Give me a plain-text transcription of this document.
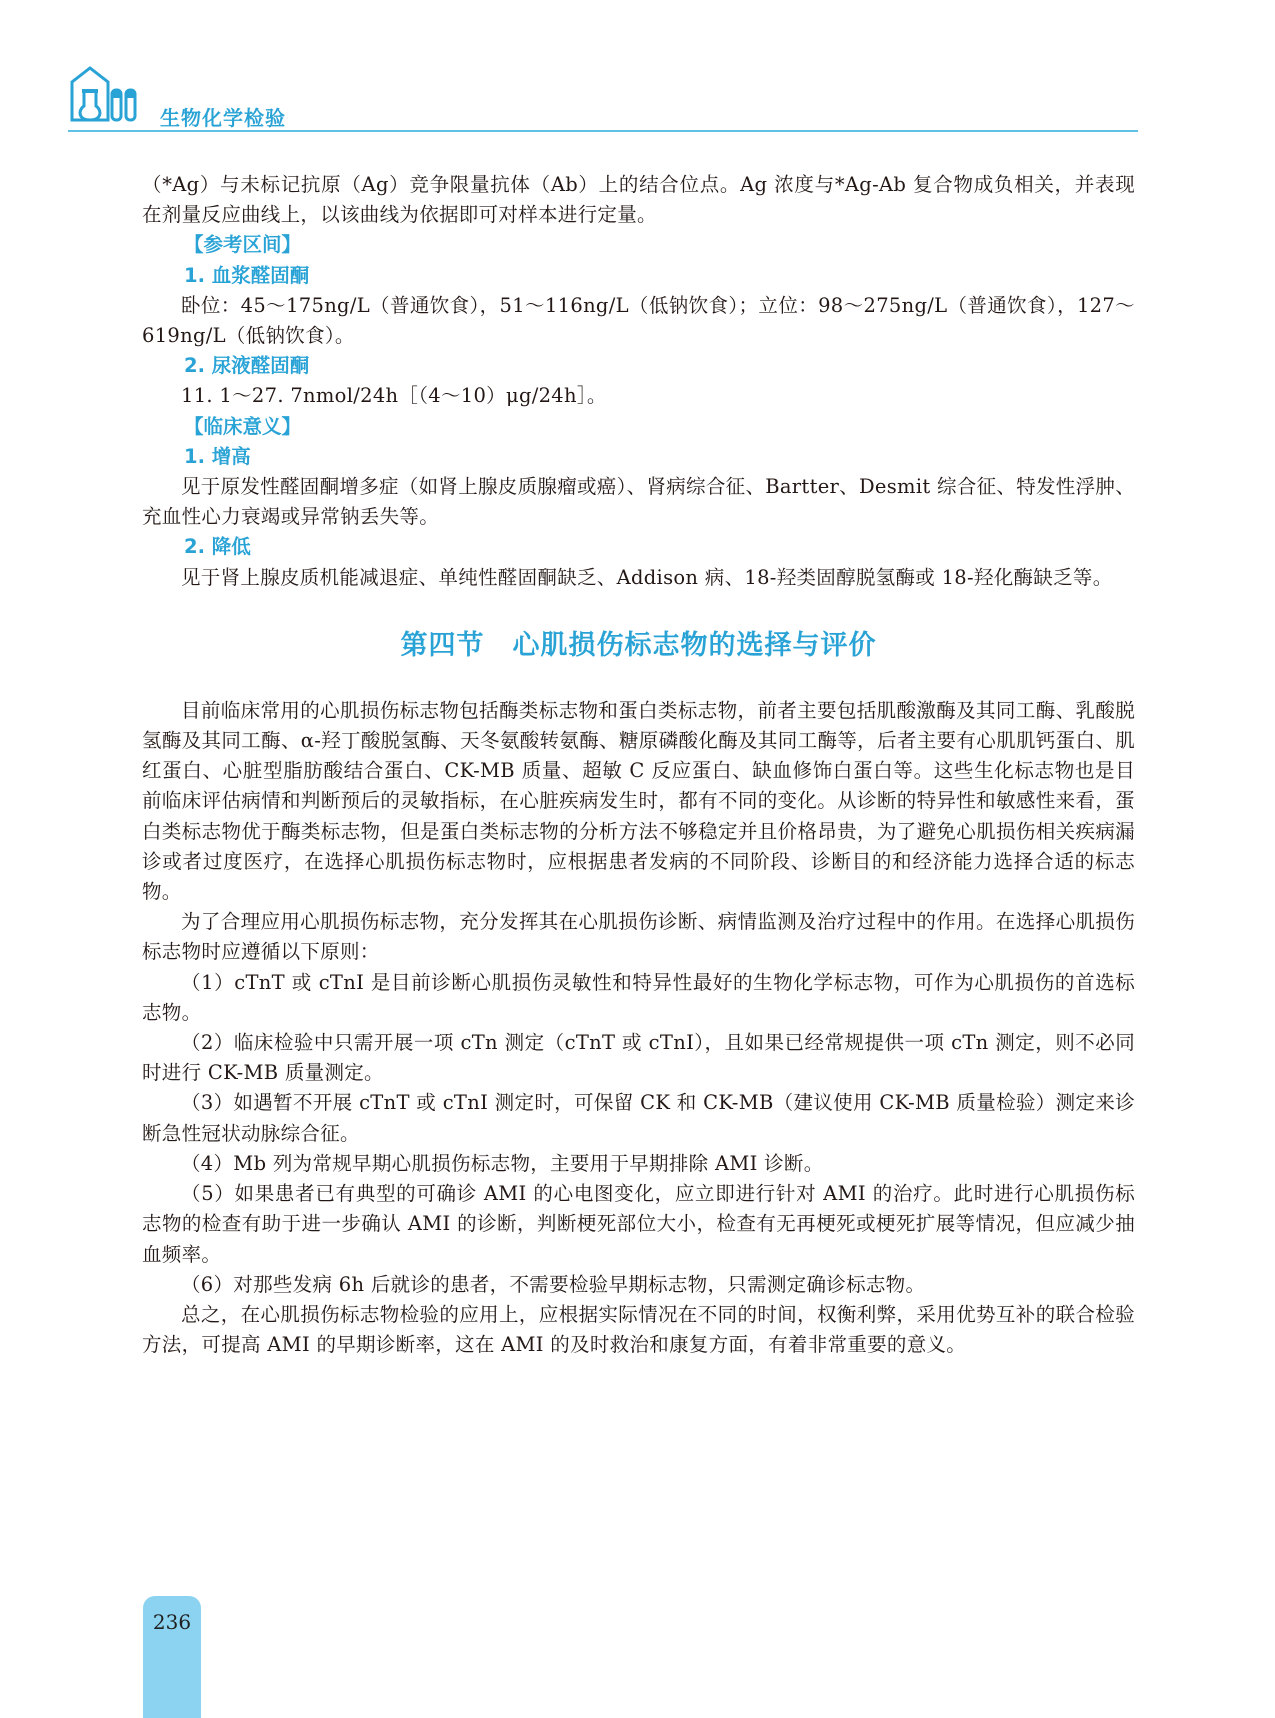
生物化学检验

（*Ag）与未标记抗原（Ag）竞争限量抗体（Ab）上的结合位点。Ag 浓度与*Ag-Ab 复合物成负相关，并表现在剂量反应曲线上，以该曲线为依据即可对样本进行定量。

【参考区间】

1. 血浆醛固酮

卧位：45～175ng/L（普通饮食），51～116ng/L（低钠饮食）；立位：98～275ng/L（普通饮食），127～619ng/L（低钠饮食）。

2. 尿液醛固酮

11. 1～27. 7nmol/24h［（4～10）μg/24h］。

【临床意义】

1. 增高

见于原发性醛固酮增多症（如肾上腺皮质腺瘤或癌）、肾病综合征、Bartter、Desmit 综合征、特发性浮肿、充血性心力衰竭或异常钠丢失等。

2. 降低

见于肾上腺皮质机能减退症、单纯性醛固酮缺乏、Addison 病、18-羟类固醇脱氢酶或 18-羟化酶缺乏等。

第四节 心肌损伤标志物的选择与评价

目前临床常用的心肌损伤标志物包括酶类标志物和蛋白类标志物，前者主要包括肌酸激酶及其同工酶、乳酸脱氢酶及其同工酶、α-羟丁酸脱氢酶、天冬氨酸转氨酶、糖原磷酸化酶及其同工酶等，后者主要有心肌肌钙蛋白、肌红蛋白、心脏型脂肪酸结合蛋白、CK-MB 质量、超敏 C 反应蛋白、缺血修饰白蛋白等。这些生化标志物也是目前临床评估病情和判断预后的灵敏指标，在心脏疾病发生时，都有不同的变化。从诊断的特异性和敏感性来看，蛋白类标志物优于酶类标志物，但是蛋白类标志物的分析方法不够稳定并且价格昂贵，为了避免心肌损伤相关疾病漏诊或者过度医疗，在选择心肌损伤标志物时，应根据患者发病的不同阶段、诊断目的和经济能力选择合适的标志物。

为了合理应用心肌损伤标志物，充分发挥其在心肌损伤诊断、病情监测及治疗过程中的作用。在选择心肌损伤标志物时应遵循以下原则：

（1）cTnT 或 cTnI 是目前诊断心肌损伤灵敏性和特异性最好的生物化学标志物，可作为心肌损伤的首选标志物。

（2）临床检验中只需开展一项 cTn 测定（cTnT 或 cTnI），且如果已经常规提供一项 cTn 测定，则不必同时进行 CK-MB 质量测定。

（3）如遇暂不开展 cTnT 或 cTnI 测定时，可保留 CK 和 CK-MB（建议使用 CK-MB 质量检验）测定来诊断急性冠状动脉综合征。

（4）Mb 列为常规早期心肌损伤标志物，主要用于早期排除 AMI 诊断。

（5）如果患者已有典型的可确诊 AMI 的心电图变化，应立即进行针对 AMI 的治疗。此时进行心肌损伤标志物的检查有助于进一步确认 AMI 的诊断，判断梗死部位大小，检查有无再梗死或梗死扩展等情况，但应减少抽血频率。

（6）对那些发病 6h 后就诊的患者，不需要检验早期标志物，只需测定确诊标志物。

总之，在心肌损伤标志物检验的应用上，应根据实际情况在不同的时间，权衡利弊，采用优势互补的联合检验方法，可提高 AMI 的早期诊断率，这在 AMI 的及时救治和康复方面，有着非常重要的意义。

236
